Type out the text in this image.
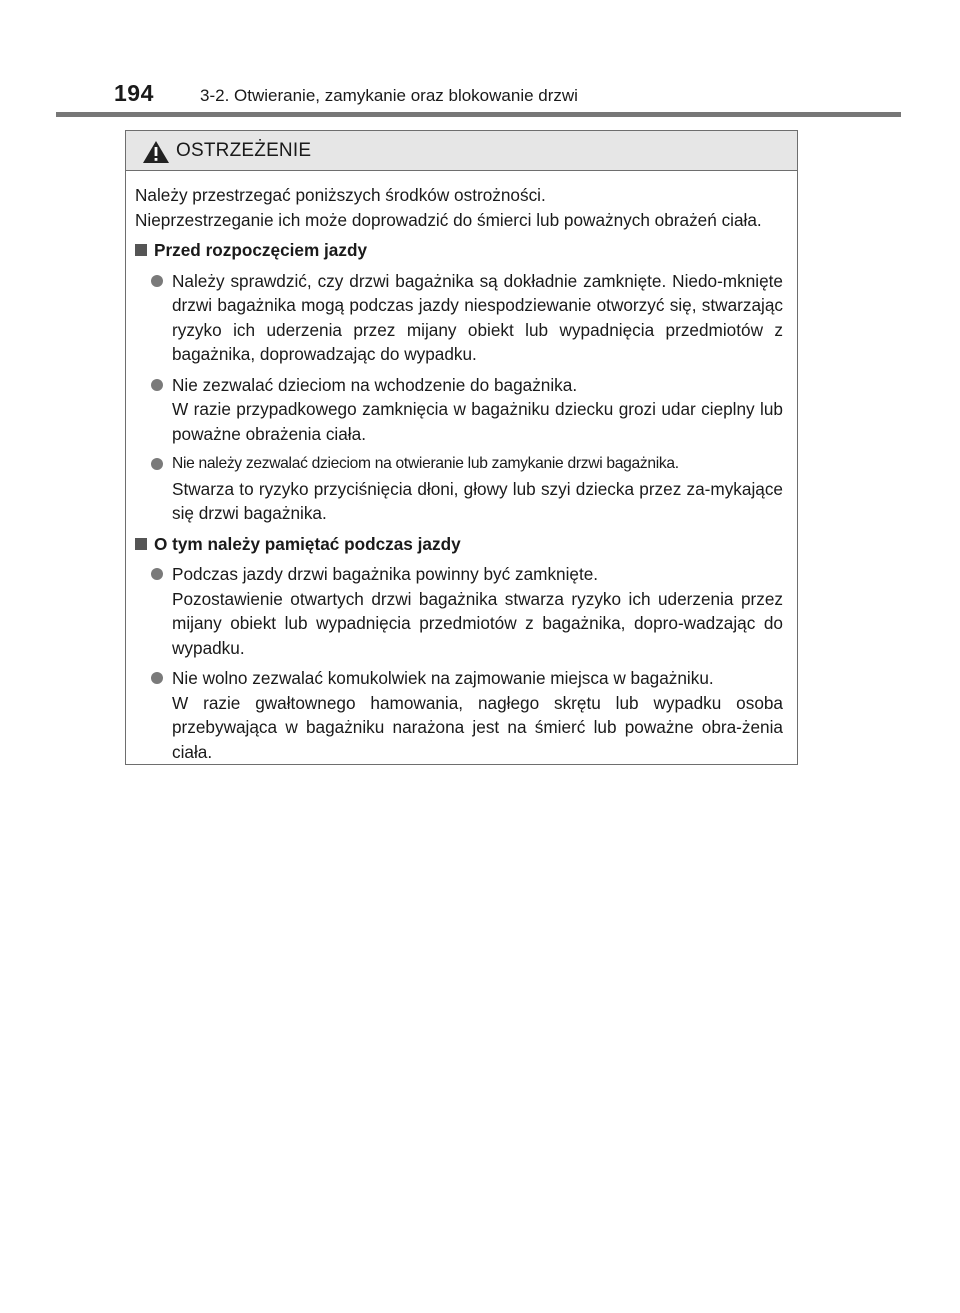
194	3-2. Otwieranie, zamykanie oraz blokowanie drzwi
OSTRZEŻENIE
Należy przestrzegać poniższych środków ostrożności.
Nieprzestrzeganie ich może doprowadzić do śmierci lub poważnych obrażeń ciała.
Przed rozpoczęciem jazdy
Należy sprawdzić, czy drzwi bagażnika są dokładnie zamknięte. Niedo-mknięte drzwi bagażnika mogą podczas jazdy niespodziewanie otworzyć się, stwarzając ryzyko ich uderzenia przez mijany obiekt lub wypadnięcia przedmiotów z bagażnika, doprowadzając do wypadku.
Nie zezwalać dzieciom na wchodzenie do bagażnika.
W razie przypadkowego zamknięcia w bagażniku dziecku grozi udar cieplny lub poważne obrażenia ciała.
Nie należy zezwalać dzieciom na otwieranie lub zamykanie drzwi bagażnika.
Stwarza to ryzyko przyciśnięcia dłoni, głowy lub szyi dziecka przez za-mykające się drzwi bagażnika.
O tym należy pamiętać podczas jazdy
Podczas jazdy drzwi bagażnika powinny być zamknięte.
Pozostawienie otwartych drzwi bagażnika stwarza ryzyko ich uderzenia przez mijany obiekt lub wypadnięcia przedmiotów z bagażnika, dopro-wadzając do wypadku.
Nie wolno zezwalać komukolwiek na zajmowanie miejsca w bagażniku.
W razie gwałtownego hamowania, nagłego skrętu lub wypadku osoba przebywająca w bagażniku narażona jest na śmierć lub poważne obra-żenia ciała.
